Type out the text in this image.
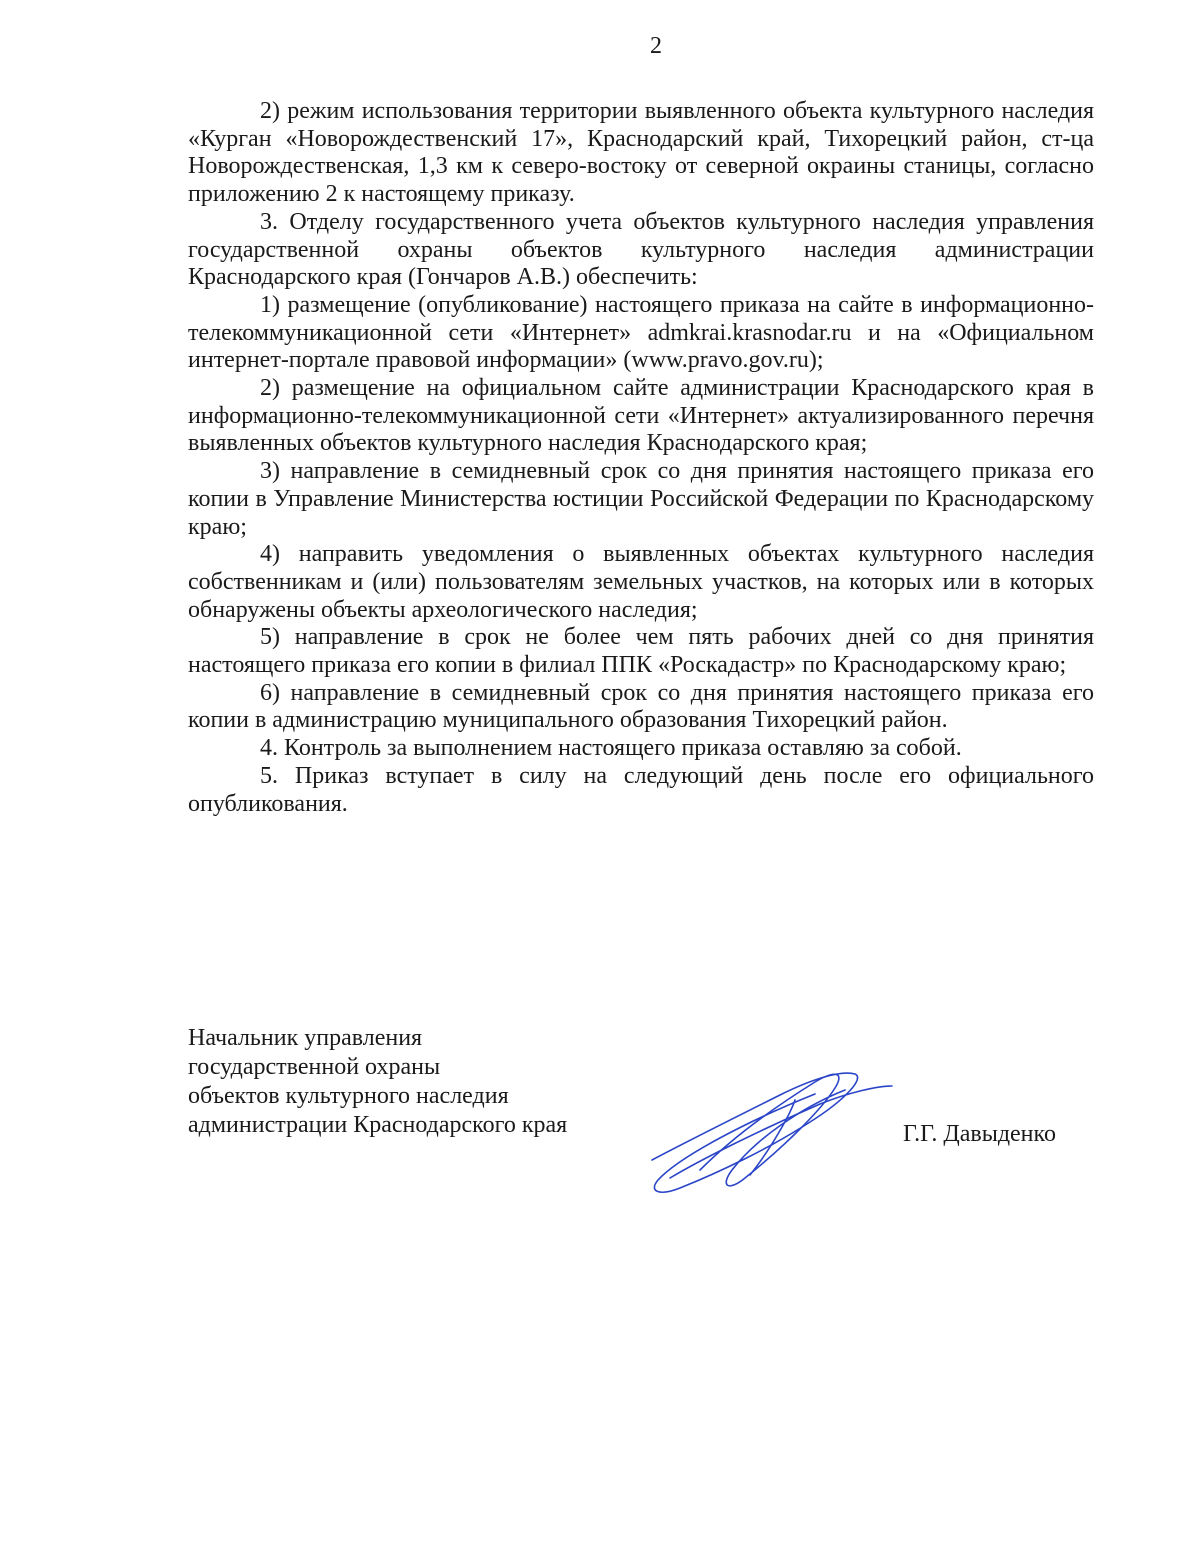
2

2) режим использования территории выявленного объекта культурного наследия «Курган «Новорождественский 17», Краснодарский край, Тихорецкий район, ст-ца Новорождественская, 1,3 км к северо-востоку от северной окраины станицы, согласно приложению 2 к настоящему приказу.

3. Отделу государственного учета объектов культурного наследия управления государственной охраны объектов культурного наследия администрации Краснодарского края (Гончаров А.В.) обеспечить:

1) размещение (опубликование) настоящего приказа на сайте в информационно-телекоммуникационной сети «Интернет» admkrai.krasnodar.ru и на «Официальном интернет-портале правовой информации» (www.pravo.gov.ru);

2) размещение на официальном сайте администрации Краснодарского края в информационно-телекоммуникационной сети «Интернет» актуализированного перечня выявленных объектов культурного наследия Краснодарского края;

3) направление в семидневный срок со дня принятия настоящего приказа его копии в Управление Министерства юстиции Российской Федерации по Краснодарскому краю;

4) направить уведомления о выявленных объектах культурного наследия собственникам и (или) пользователям земельных участков, на которых или в которых обнаружены объекты археологического наследия;

5) направление в срок не более чем пять рабочих дней со дня принятия настоящего приказа его копии в филиал ППК «Роскадастр» по Краснодарскому краю;

6) направление в семидневный срок со дня принятия настоящего приказа его копии в администрацию муниципального образования Тихорецкий район.

4. Контроль за выполнением настоящего приказа оставляю за собой.

5. Приказ вступает в силу на следующий день после его официального опубликования.

Начальник управления
государственной охраны
объектов культурного наследия
администрации Краснодарского края	Г.Г. Давыденко
